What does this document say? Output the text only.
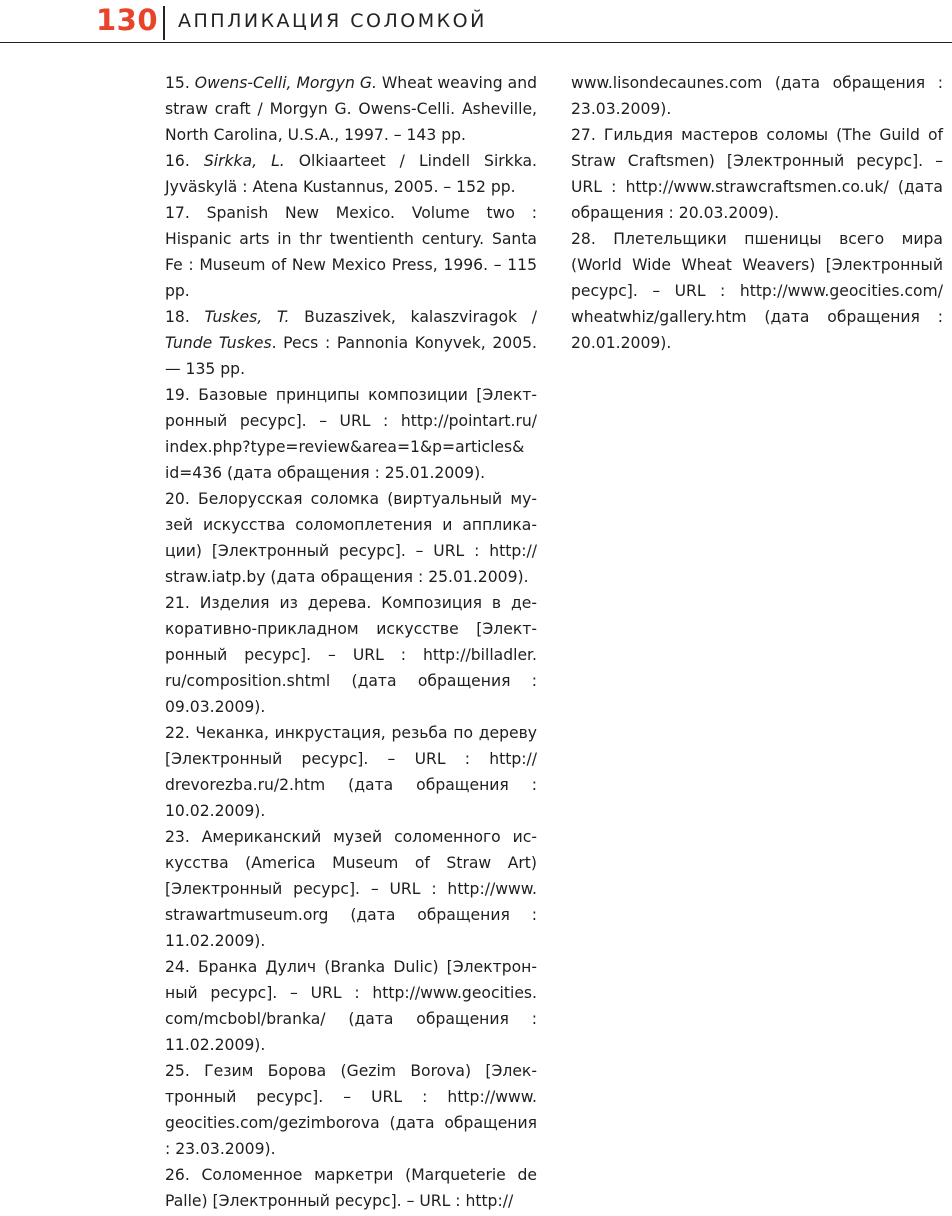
130 АППЛИКАЦИЯ СОЛОМКОЙ

15. Owens-Celli, Morgyn G. Wheat weaving and straw craft / Morgyn G. Owens-Celli. Asheville, North Carolina, U.S.A., 1997. – 143 pp.

16. Sirkka, L. Olkiaarteet / Lindell Sirkka. Jyväskylä : Atena Kustannus, 2005. – 152 pp.

17. Spanish New Mexico. Volume two : Hispanic arts in thr twentienth century. Santa Fe : Museum of New Mexico Press, 1996. – 115 pp.

18. Tuskes, T. Buzaszivek, kalaszviragok / Tunde Tuskes. Pecs : Pannonia Konyvek, 2005. — 135 pp.

19. Базовые принципы композиции [Электронный ресурс]. – URL : http://pointart.ru/ index.php?type=review&area=1&p=articles& id=436 (дата обращения : 25.01.2009).

20. Белорусская соломка (виртуальный музей искусства соломоплетения и аппликации) [Электронный ресурс]. – URL : http:// straw.iatp.by (дата обращения : 25.01.2009).

21. Изделия из дерева. Композиция в декоративно-прикладном искусстве [Электронный ресурс]. – URL : http://billadler. ru/composition.shtml (дата обращения : 09.03.2009).

22. Чеканка, инкрустация, резьба по дереву [Электронный ресурс]. – URL : http:// drevorezba.ru/2.htm (дата обращения : 10.02.2009).

23. Американский музей соломенного искусства (America Museum of Straw Art) [Электронный ресурс]. – URL : http://www. strawartmuseum.org (дата обращения : 11.02.2009).

24. Бранка Дулич (Branka Dulic) [Электронный ресурс]. – URL : http://www.geocities. com/mcbobl/branka/ (дата обращения : 11.02.2009).

25. Гезим Борова (Gezim Borova) [Электронный ресурс]. – URL : http://www. geocities.com/gezimborova (дата обращения : 23.03.2009).

26. Соломенное маркетри (Marqueterie de Palle) [Электронный ресурс]. – URL : http://

www.lisondecaunes.com (дата обращения : 23.03.2009).

27. Гильдия мастеров соломы (The Guild of Straw Craftsmen) [Электронный ресурс]. – URL : http://www.strawcraftsmen.co.uk/ (дата обращения : 20.03.2009).

28. Плетельщики пшеницы всего мира (World Wide Wheat Weavers) [Электронный ресурс]. – URL : http://www.geocities.com/ wheatwhiz/gallery.htm (дата обращения : 20.01.2009).
